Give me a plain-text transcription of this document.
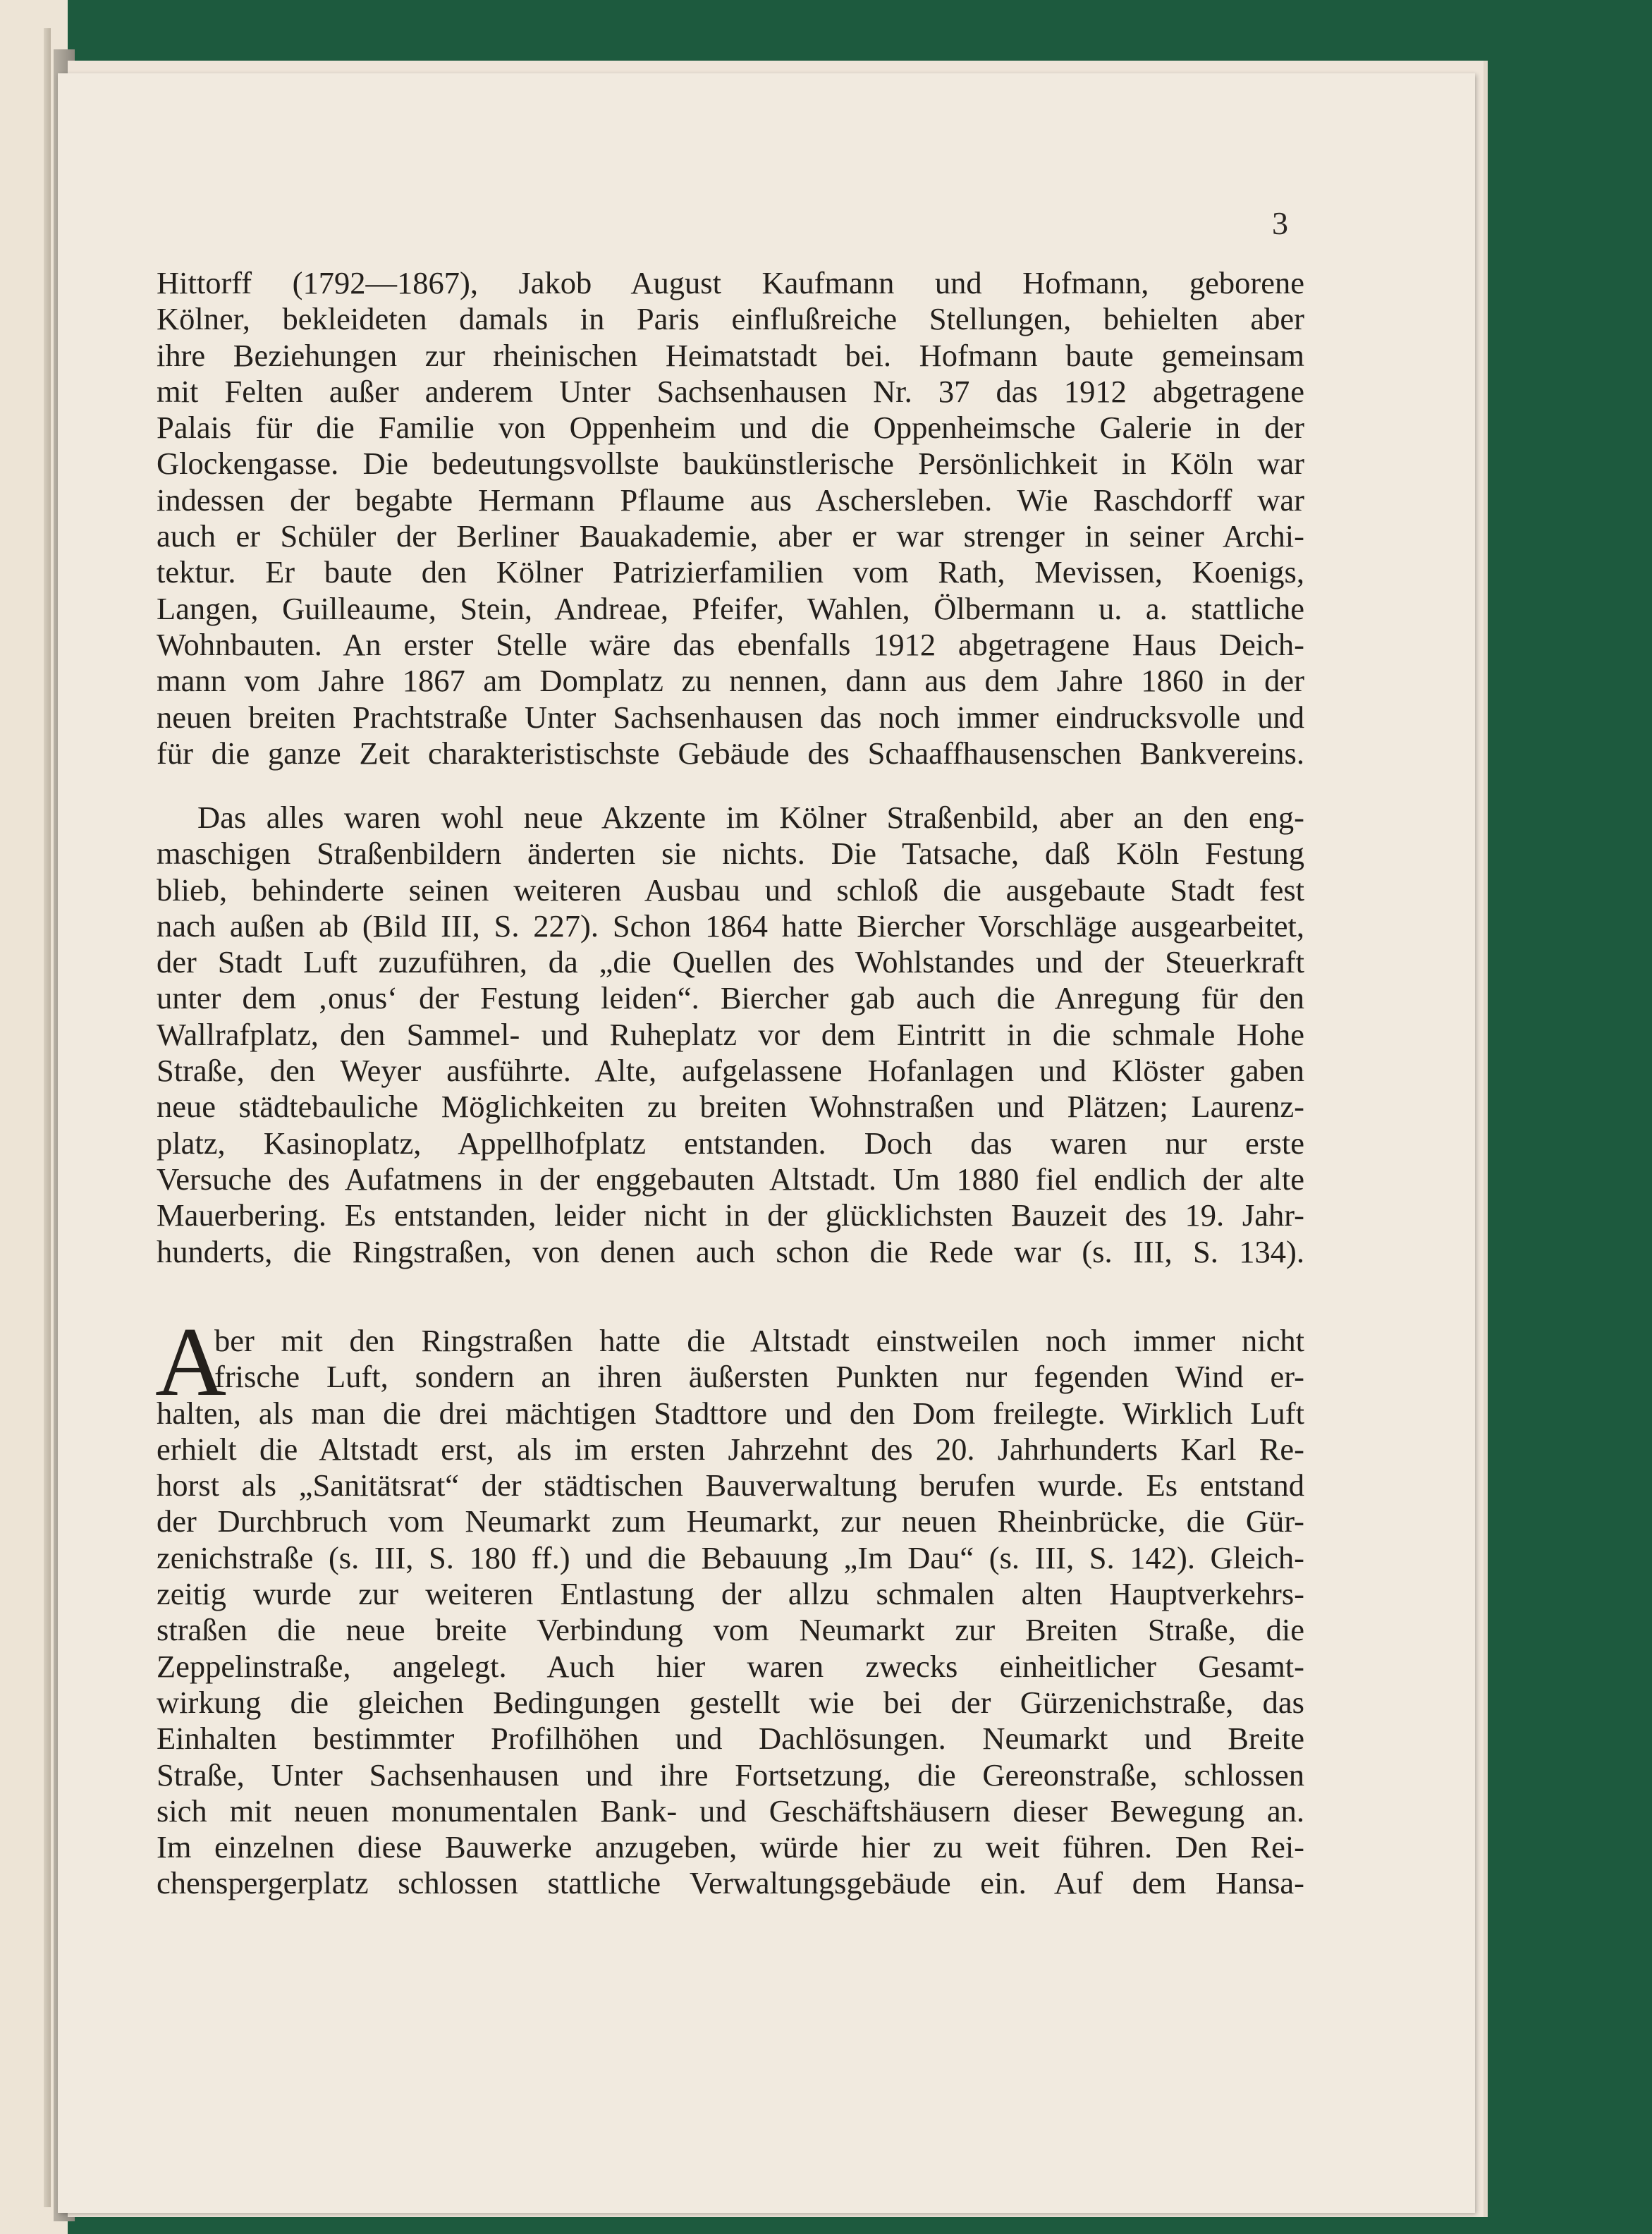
3
Hittorff (1792—1867), Jakob August Kaufmann und Hofmann, geborene
Kölner, bekleideten damals in Paris einflußreiche Stellungen, behielten aber
ihre Beziehungen zur rheinischen Heimatstadt bei. Hofmann baute gemeinsam
mit Felten außer anderem Unter Sachsenhausen Nr. 37 das 1912 abgetragene
Palais für die Familie von Oppenheim und die Oppenheimsche Galerie in der
Glockengasse. Die bedeutungsvollste baukünstlerische Persönlichkeit in Köln war
indessen der begabte Hermann Pflaume aus Aschersleben. Wie Raschdorff war
auch er Schüler der Berliner Bauakademie, aber er war strenger in seiner Archi-
tektur. Er baute den Kölner Patrizierfamilien vom Rath, Mevissen, Koenigs,
Langen, Guilleaume, Stein, Andreae, Pfeifer, Wahlen, Ölbermann u. a. stattliche
Wohnbauten. An erster Stelle wäre das ebenfalls 1912 abgetragene Haus Deich-
mann vom Jahre 1867 am Domplatz zu nennen, dann aus dem Jahre 1860 in der
neuen breiten Prachtstraße Unter Sachsenhausen das noch immer eindrucksvolle und
für die ganze Zeit charakteristischste Gebäude des Schaaffhausenschen Bankvereins.
Das alles waren wohl neue Akzente im Kölner Straßenbild, aber an den eng-
maschigen Straßenbildern änderten sie nichts. Die Tatsache, daß Köln Festung
blieb, behinderte seinen weiteren Ausbau und schloß die ausgebaute Stadt fest
nach außen ab (Bild III, S. 227). Schon 1864 hatte Biercher Vorschläge ausgearbeitet,
der Stadt Luft zuzuführen, da „die Quellen des Wohlstandes und der Steuerkraft
unter dem ‚onus‘ der Festung leiden“. Biercher gab auch die Anregung für den
Wallrafplatz, den Sammel- und Ruheplatz vor dem Eintritt in die schmale Hohe
Straße, den Weyer ausführte. Alte, aufgelassene Hofanlagen und Klöster gaben
neue städtebauliche Möglichkeiten zu breiten Wohnstraßen und Plätzen; Laurenz-
platz, Kasinoplatz, Appellhofplatz entstanden. Doch das waren nur erste
Versuche des Aufatmens in der enggebauten Altstadt. Um 1880 fiel endlich der alte
Mauerbering. Es entstanden, leider nicht in der glücklichsten Bauzeit des 19. Jahr-
hunderts, die Ringstraßen, von denen auch schon die Rede war (s. III, S. 134).
A
ber mit den Ringstraßen hatte die Altstadt einstweilen noch immer nicht
frische Luft, sondern an ihren äußersten Punkten nur fegenden Wind er-
halten, als man die drei mächtigen Stadttore und den Dom freilegte. Wirklich Luft
erhielt die Altstadt erst, als im ersten Jahrzehnt des 20. Jahrhunderts Karl Re-
horst als „Sanitätsrat“ der städtischen Bauverwaltung berufen wurde. Es entstand
der Durchbruch vom Neumarkt zum Heumarkt, zur neuen Rheinbrücke, die Gür-
zenichstraße (s. III, S. 180 ff.) und die Bebauung „Im Dau“ (s. III, S. 142). Gleich-
zeitig wurde zur weiteren Entlastung der allzu schmalen alten Hauptverkehrs-
straßen die neue breite Verbindung vom Neumarkt zur Breiten Straße, die
Zeppelinstraße, angelegt. Auch hier waren zwecks einheitlicher Gesamt-
wirkung die gleichen Bedingungen gestellt wie bei der Gürzenichstraße, das
Einhalten bestimmter Profilhöhen und Dachlösungen. Neumarkt und Breite
Straße, Unter Sachsenhausen und ihre Fortsetzung, die Gereonstraße, schlossen
sich mit neuen monumentalen Bank- und Geschäftshäusern dieser Bewegung an.
Im einzelnen diese Bauwerke anzugeben, würde hier zu weit führen. Den Rei-
chenspergerplatz schlossen stattliche Verwaltungsgebäude ein. Auf dem Hansa-
